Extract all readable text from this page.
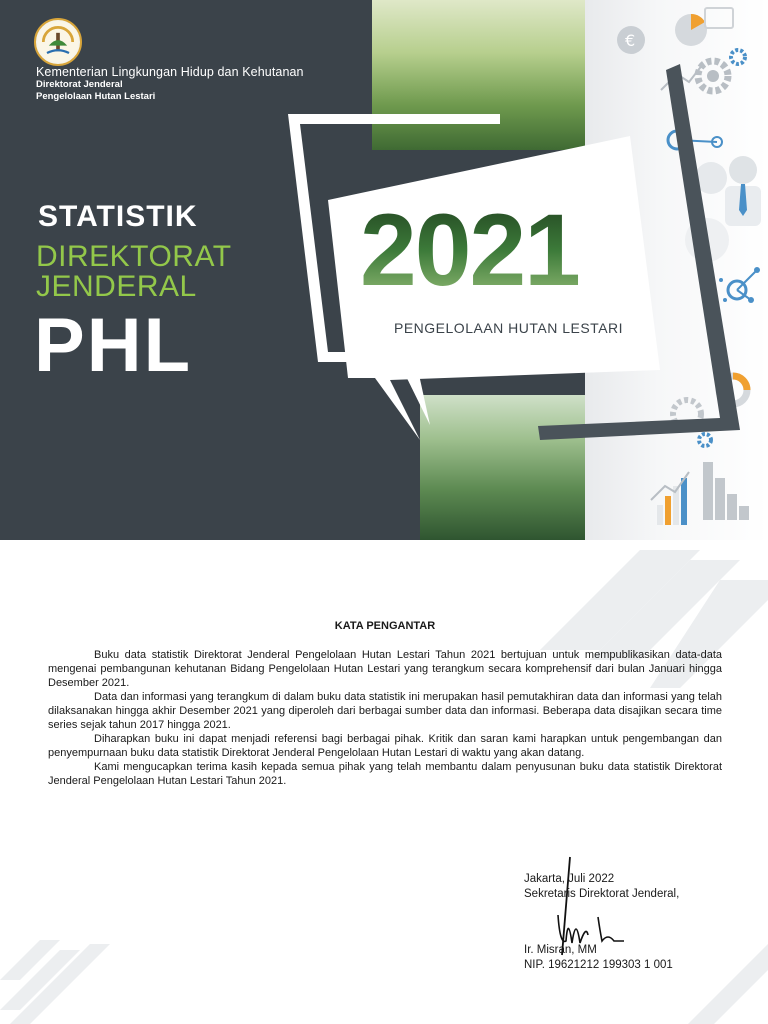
€

Kementerian Lingkungan Hidup dan Kehutanan

Direktorat Jenderal

Pengelolaan Hutan Lestari

STATISTIK
DIREKTORAT
JENDERAL
PHL
2021
PENGELOLAAN HUTAN LESTARI
KATA PENGANTAR

Buku data statistik Direktorat Jenderal Pengelolaan Hutan Lestari Tahun 2021 bertujuan untuk mempublikasikan data-data mengenai pembangunan kehutanan Bidang Pengelolaan Hutan Lestari yang terangkum secara komprehensif dari bulan Januari hingga Desember 2021.

Data dan informasi yang terangkum di dalam buku data statistik ini merupakan hasil pemutakhiran data dan informasi yang telah dilaksanakan hingga akhir Desember 2021 yang diperoleh dari berbagai sumber data dan informasi. Beberapa data disajikan secara time series sejak tahun 2017 hingga 2021.

Diharapkan buku ini dapat menjadi referensi bagi berbagai pihak. Kritik dan saran kami harapkan untuk pengembangan dan penyempurnaan buku data statistik Direktorat Jenderal Pengelolaan Hutan Lestari di waktu yang akan datang.

Kami mengucapkan terima kasih kepada semua pihak yang telah membantu dalam penyusunan buku data statistik Direktorat Jenderal Pengelolaan Hutan Lestari Tahun 2021.

Jakarta, Juli 2022

Sekretaris Direktorat Jenderal,

Ir. Misran, MM

NIP. 19621212 199303 1 001
